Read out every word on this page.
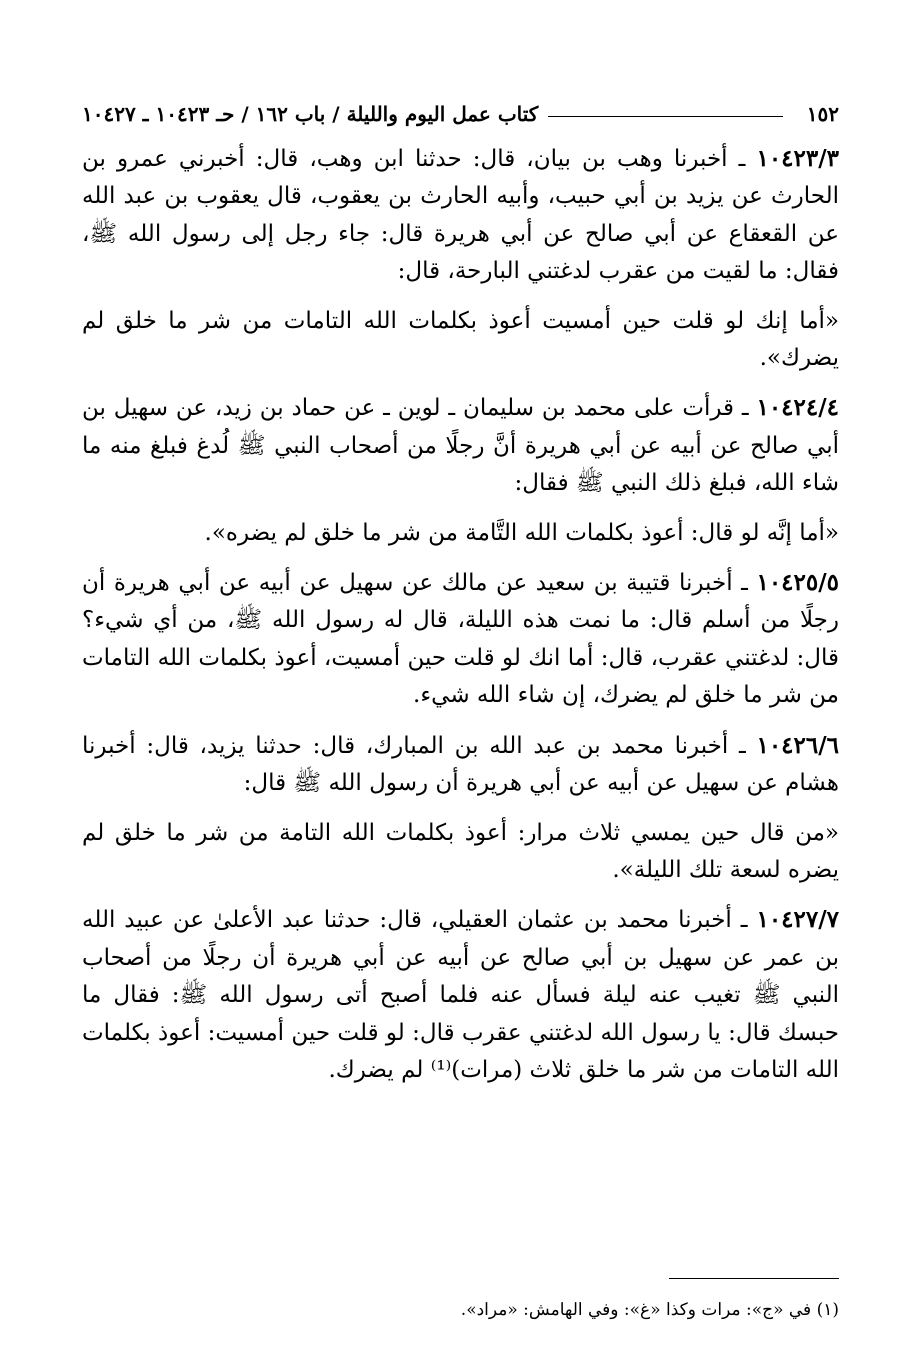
١٥٢
كتاب عمل اليوم والليلة / باب ١٦٢ / حـ ١٠٤٢٣ ـ ١٠٤٢٧

١٠٤٢٣/٣ ـ أخبرنا وهب بن بيان، قال: حدثنا ابن وهب، قال: أخبرني عمرو بن الحارث عن يزيد بن أبي حبيب، وأبيه الحارث بن يعقوب، قال يعقوب بن عبد الله عن القعقاع عن أبي صالح عن أبي هريرة قال: جاء رجل إلى رسول الله ﷺ، فقال: ما لقيت من عقرب لدغتني البارحة، قال:

«أما إنك لو قلت حين أمسيت أعوذ بكلمات الله التامات من شر ما خلق لم يضرك».

١٠٤٢٤/٤ ـ قرأت على محمد بن سليمان ـ لوين ـ عن حماد بن زيد، عن سهيل بن أبي صالح عن أبيه عن أبي هريرة أنَّ رجلًا من أصحاب النبي ﷺ لُدغ فبلغ منه ما شاء الله، فبلغ ذلك النبي ﷺ فقال:

«أما إنَّه لو قال: أعوذ بكلمات الله التَّامة من شر ما خلق لم يضره».

١٠٤٢٥/٥ ـ أخبرنا قتيبة بن سعيد عن مالك عن سهيل عن أبيه عن أبي هريرة أن رجلًا من أسلم قال: ما نمت هذه الليلة، قال له رسول الله ﷺ، من أي شيء؟ قال: لدغتني عقرب، قال: أما انك لو قلت حين أمسيت، أعوذ بكلمات الله التامات من شر ما خلق لم يضرك، إن شاء الله شيء.

١٠٤٢٦/٦ ـ أخبرنا محمد بن عبد الله بن المبارك، قال: حدثنا يزيد، قال: أخبرنا هشام عن سهيل عن أبيه عن أبي هريرة أن رسول الله ﷺ قال:

«من قال حين يمسي ثلاث مرار: أعوذ بكلمات الله التامة من شر ما خلق لم يضره لسعة تلك الليلة».

١٠٤٢٧/٧ ـ أخبرنا محمد بن عثمان العقيلي، قال: حدثنا عبد الأعلىٰ عن عبيد الله بن عمر عن سهيل بن أبي صالح عن أبيه عن أبي هريرة أن رجلًا من أصحاب النبي ﷺ تغيب عنه ليلة فسأل عنه فلما أصبح أتى رسول الله ﷺ: فقال ما حبسك قال: يا رسول الله لدغتني عقرب قال: لو قلت حين أمسيت: أعوذ بكلمات الله التامات من شر ما خلق ثلاث (مرات)⁽¹⁾ لم يضرك.

(١) في «ج»: مرات وكذا «غ»: وفي الهامش: «مراد».
